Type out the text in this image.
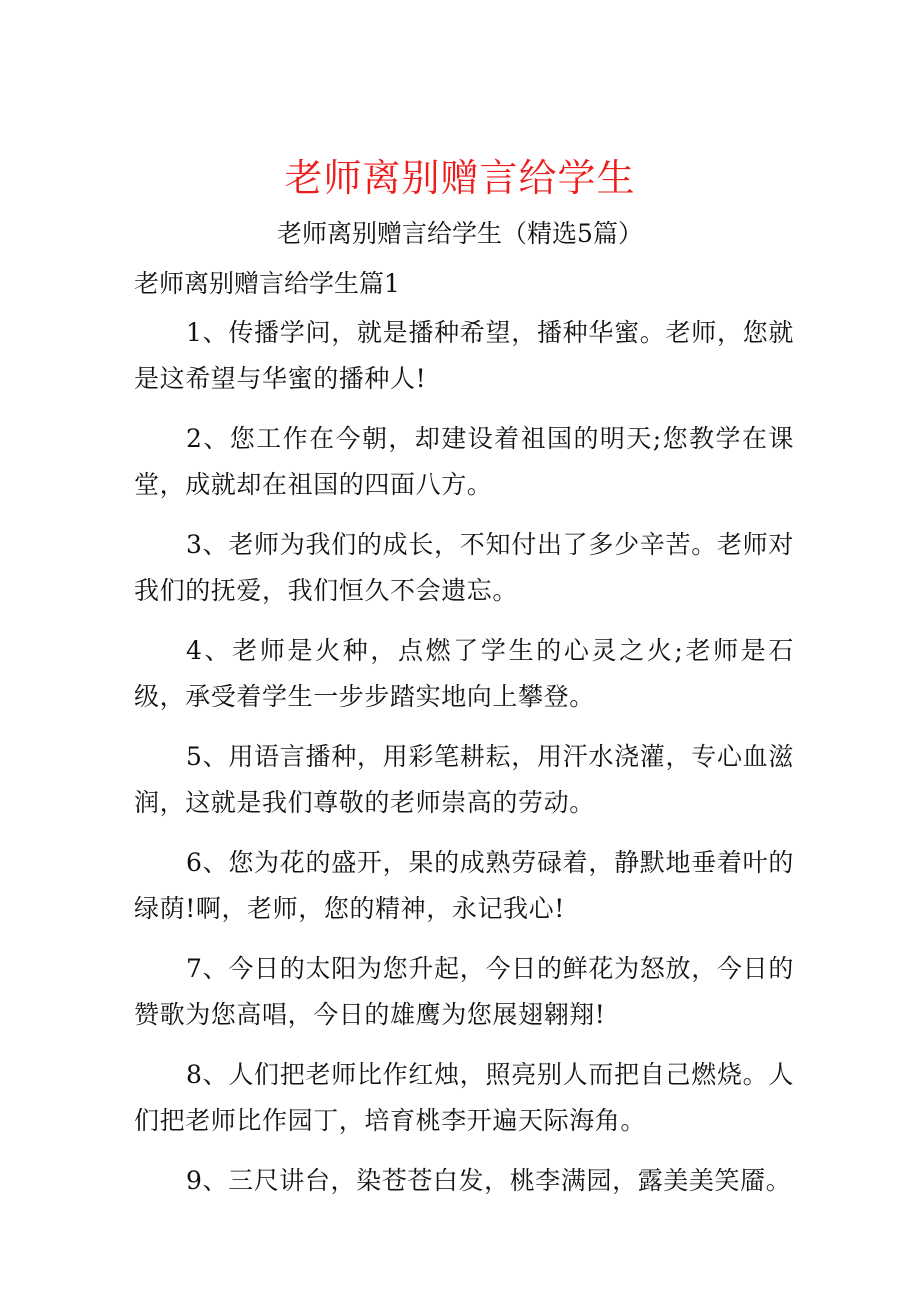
老师离别赠言给学生
老师离别赠言给学生（精选5篇）
老师离别赠言给学生篇1

1、传播学问，就是播种希望，播种华蜜。老师，您就是这希望与华蜜的播种人!

2、您工作在今朝，却建设着祖国的明天;您教学在课堂，成就却在祖国的四面八方。

3、老师为我们的成长，不知付出了多少辛苦。老师对我们的抚爱，我们恒久不会遗忘。

4、老师是火种，点燃了学生的心灵之火;老师是石级，承受着学生一步步踏实地向上攀登。

5、用语言播种，用彩笔耕耘，用汗水浇灌，专心血滋润，这就是我们尊敬的老师崇高的劳动。

6、您为花的盛开，果的成熟劳碌着，静默地垂着叶的绿荫!啊，老师，您的精神，永记我心!

7、今日的太阳为您升起，今日的鲜花为怒放，今日的赞歌为您高唱，今日的雄鹰为您展翅翱翔!

8、人们把老师比作红烛，照亮别人而把自己燃烧。人们把老师比作园丁，培育桃李开遍天际海角。

9、三尺讲台，染苍苍白发，桃李满园，露美美笑靥。
